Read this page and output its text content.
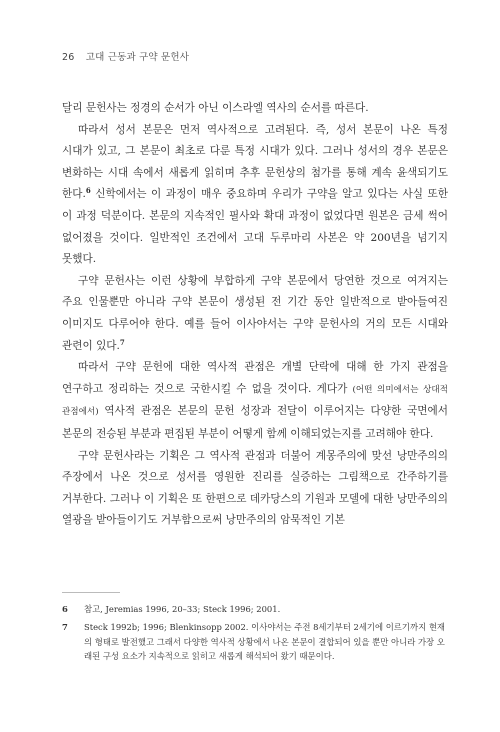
26 고대 근동과 구약 문헌사

달리 문헌사는 정경의 순서가 아닌 이스라엘 역사의 순서를 따른다.

따라서 성서 본문은 먼저 역사적으로 고려된다. 즉, 성서 본문이 나온 특정 시대가 있고, 그 본문이 최초로 다룬 특정 시대가 있다. 그러나 성서의 경우 본문은 변화하는 시대 속에서 새롭게 읽히며 추후 문헌상의 첨가를 통해 계속 윤색되기도 한다.$^6$ 신학에서는 이 과정이 매우 중요하며 우리가 구약을 알고 있다는 사실 또한 이 과정 덕분이다. 본문의 지속적인 필사와 확대 과정이 없었다면 원본은 금세 썩어 없어졌을 것이다. 일반적인 조건에서 고대 두루마리 사본은 약 200년을 넘기지 못했다.

구약 문헌사는 이런 상황에 부합하게 구약 본문에서 당연한 것으로 여겨지는 주요 인물뿐만 아니라 구약 본문이 생성된 전 기간 동안 일반적으로 받아들여진 이미지도 다루어야 한다. 예를 들어 이사야서는 구약 문헌사의 거의 모든 시대와 관련이 있다.$^7$

따라서 구약 문헌에 대한 역사적 관점은 개별 단락에 대해 한 가지 관점을 연구하고 정리하는 것으로 국한시킬 수 없을 것이다. 게다가 (어떤 의미에서는 상대적 관점에서) 역사적 관점은 본문의 문헌 성장과 전달이 이루어지는 다양한 국면에서 본문의 전승된 부분과 편집된 부분이 어떻게 함께 이해되었는지를 고려해야 한다.

구약 문헌사라는 기획은 그 역사적 관점과 더불어 계몽주의에 맞선 낭만주의의 주장에서 나온 것으로 성서를 영원한 진리를 실증하는 그림책으로 간주하기를 거부한다. 그러나 이 기획은 또 한편으로 데카당스의 기원과 모델에 대한 낭만주의의 열광을 받아들이기도 거부함으로써 낭만주의의 암묵적인 기본

6	참고, Jeremias 1996, 20–33; Steck 1996; 2001.
7	Steck 1992b; 1996; Blenkinsopp 2002. 이사야서는 주전 8세기부터 2세기에 이르기까지 현재의 형태로 발전했고 그래서 다양한 역사적 상황에서 나온 본문이 결합되어 있을 뿐만 아니라 가장 오래된 구성 요소가 지속적으로 읽히고 새롭게 해석되어 왔기 때문이다.
